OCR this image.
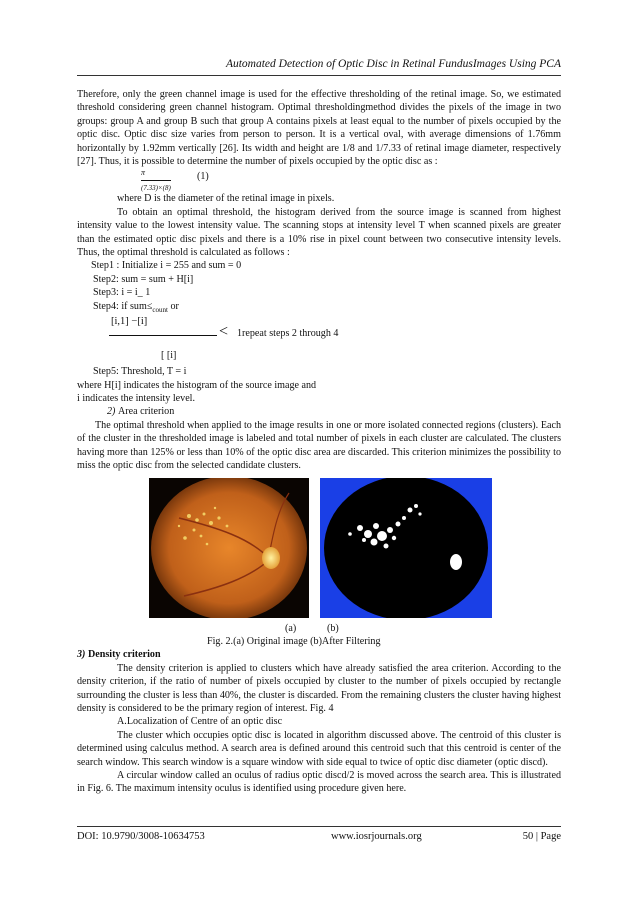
Automated Detection of Optic Disc in Retinal FundusImages Using PCA

Therefore, only the green channel image is used for the effective thresholding of the retinal image. So, we estimated threshold considering green channel histogram. Optimal thresholdingmethod divides the pixels of the image in two groups: group A and group B such that group A contains pixels at least equal to the number of pixels occupied by the optic disc. Optic disc size varies from person to person. It is a vertical oval, with average dimensions of 1.76mm horizontally by 1.92mm vertically [26]. Its width and height are 1/8 and 1/7.33 of retinal image diameter, respectively [27]. Thus, it is possible to determine the number of pixels occupied by the optic disc as :

$\frac{\pi}{(7.33)\times(8)}$	(1)

where D is the diameter of the retinal image in pixels.

To obtain an optimal threshold, the histogram derived from the source image is scanned from highest intensity value to the lowest intensity value. The scanning stops at intensity level T when scanned pixels are greater than the estimated optic disc pixels and there is a 10% rise in pixel count between two consecutive intensity levels. Thus, the optimal threshold is calculated as follows :

Step1 : Initialize i = 255 and sum = 0

Step2: sum = sum + H[i]

Step3: i = i_ 1

Step4: if $sum\le_{count}$ or

[i,1] −[i]
< 1repeat steps 2 through 4
[ [i]

Step5: Threshold, T = i

where H[i] indicates the histogram of the source image and

i indicates the intensity level.

2) Area criterion

The optimal threshold when applied to the image results in one or more isolated connected regions (clusters). Each of the cluster in the thresholded image is labeled and total number of pixels in each cluster are calculated. The clusters having more than 125% or less than 10% of the optic disc area are discarded. This criterion minimizes the possibility to miss the optic disc from the selected candidate clusters.

(a)	(b)
Fig. 2.(a) Original image (b)After Filtering

3) Density criterion

The density criterion is applied to clusters which have already satisfied the area criterion. According to the density criterion, if the ratio of number of pixels occupied by cluster to the number of pixels occupied by rectangle surrounding the cluster is less than 40%, the cluster is discarded. From the remaining clusters the cluster having highest density is considered to be the primary region of interest. Fig. 4

A.Localization of Centre of an optic disc

The cluster which occupies optic disc is located in algorithm discussed above. The centroid of this cluster is determined using calculus method. A search area is defined around this centroid such that this centroid is center of the search window. This search window is a square window with side equal to twice of optic disc diameter (optic discd).

A circular window called an oculus of radius optic discd/2 is moved across the search area. This is illustrated in Fig. 6. The maximum intensity oculus is identified using procedure given here.

DOI: 10.9790/3008-10634753	www.iosrjournals.org	50 | Page
